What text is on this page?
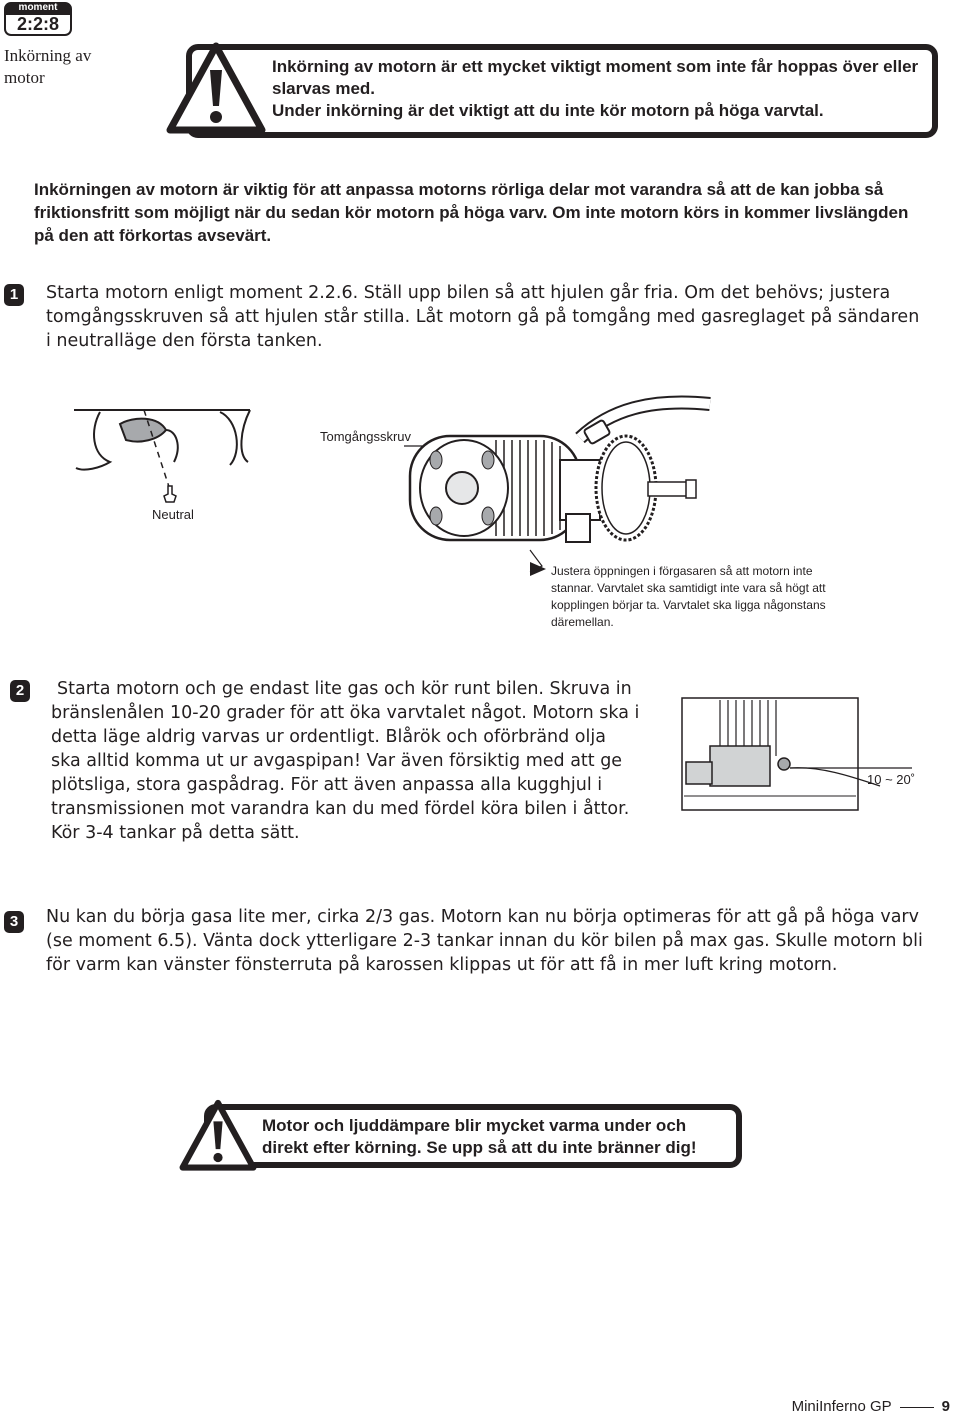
moment
2:2:8
Inkörning av motor
Inkörning av motorn är ett mycket viktigt moment som inte får hoppas över eller slarvas med.
Under inkörning är det viktigt att du inte kör motorn på höga varvtal.
Inkörningen av motorn är viktig för att anpassa motorns rörliga delar mot varandra så att de kan jobba så friktionsfritt som möjligt när du sedan kör motorn på höga varv. Om inte motorn körs in kommer livslängden på den att förkortas avsevärt.
1	Starta motorn enligt moment 2.2.6. Ställ upp bilen så att hjulen går fria. Om det behövs; justera tomgångsskruven så att hjulen står stilla. Låt motorn gå på tomgång med gasreglaget på sändaren i neutralläge den första tanken.
Neutral
Tomgångsskruv
Justera öppningen i förgasaren så att motorn inte stannar. Varvtalet ska samtidigt inte vara så högt att kopplingen börjar ta. Varvtalet ska ligga någonstans däremellan.
2	Starta motorn och ge endast lite gas och kör runt bilen. Skruva in bränslenålen 10-20 grader för att öka varvtalet något. Motorn ska i detta läge aldrig varvas ur ordentligt. Blårök och oförbränd olja ska alltid komma ut ur avgaspipan! Var även försiktig med att ge plötsliga, stora gaspådrag. För att även anpassa alla kugghjul i transmissionen mot varandra kan du med fördel köra bilen i åttor. Kör 3-4 tankar på detta sätt.
10 ~ 20˚
3	Nu kan du börja gasa lite mer, cirka 2/3 gas. Motorn kan nu börja optimeras för att gå på höga varv (se moment 6.5). Vänta dock ytterligare 2-3 tankar innan du kör bilen på max gas. Skulle motorn bli för varm kan vänster fönsterruta på karossen klippas ut för att få in mer luft kring motorn.
Motor och ljuddämpare blir mycket varma under och direkt efter körning. Se upp så att du inte bränner dig!
MiniInferno GP	9
